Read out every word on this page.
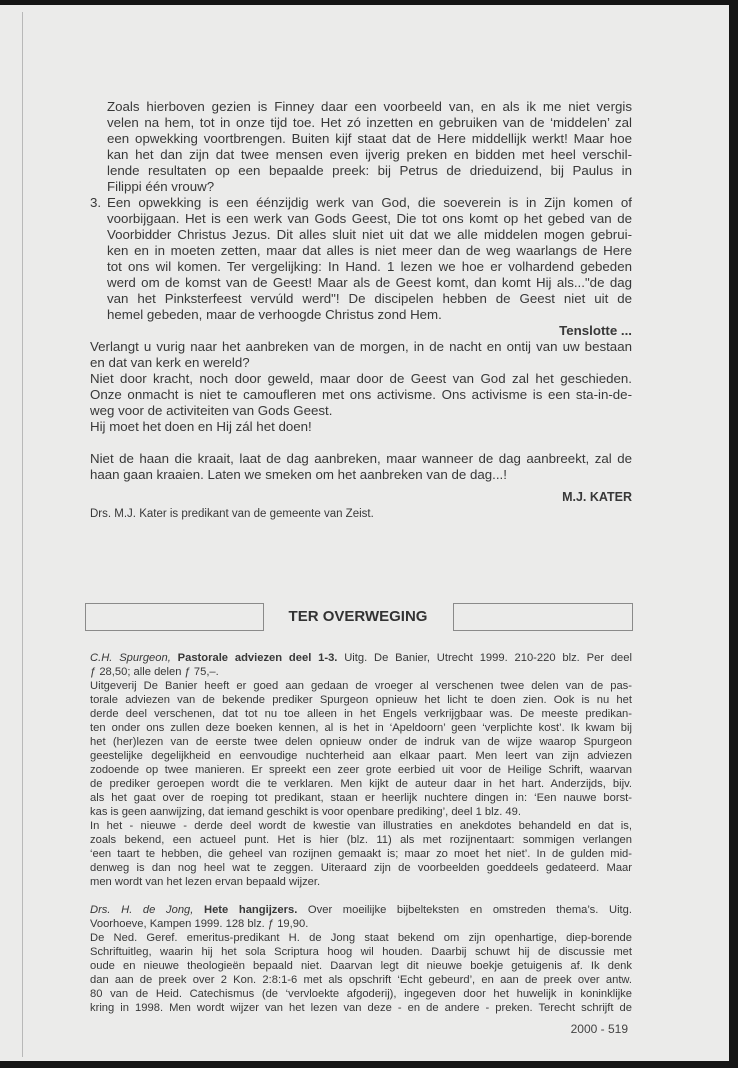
Zoals hierboven gezien is Finney daar een voorbeeld van, en als ik me niet vergis
velen na hem, tot in onze tijd toe. Het zó inzetten en gebruiken van de ‘middelen’ zal
een opwekking voortbrengen. Buiten kijf staat dat de Here middellijk werkt! Maar hoe
kan het dan zijn dat twee mensen even ijverig preken en bidden met heel verschil-
lende resultaten op een bepaalde preek: bij Petrus de drieduizend, bij Paulus in
Filippi één vrouw?
3. Een opwekking is een éénzijdig werk van God, die soeverein is in Zijn komen of
voorbijgaan. Het is een werk van Gods Geest, Die tot ons komt op het gebed van de
Voorbidder Christus Jezus. Dit alles sluit niet uit dat we alle middelen mogen gebrui-
ken en in moeten zetten, maar dat alles is niet meer dan de weg waarlangs de Here
tot ons wil komen. Ter vergelijking: In Hand. 1 lezen we hoe er volhardend gebeden
werd om de komst van de Geest! Maar als de Geest komt, dan komt Hij als..."de dag
van het Pinksterfeest vervúld werd"! De discipelen hebben de Geest niet uit de
hemel gebeden, maar de verhoogde Christus zond Hem.
Tenslotte ...
Verlangt u vurig naar het aanbreken van de morgen, in de nacht en ontij van uw bestaan
en dat van kerk en wereld?
Niet door kracht, noch door geweld, maar door de Geest van God zal het geschieden.
Onze onmacht is niet te camoufleren met ons activisme. Ons activisme is een sta-in-de-
weg voor de activiteiten van Gods Geest.
Hij moet het doen en Hij zál het doen!
Niet de haan die kraait, laat de dag aanbreken, maar wanneer de dag aanbreekt, zal de
haan gaan kraaien. Laten we smeken om het aanbreken van de dag...!
M.J. KATER
Drs. M.J. Kater is predikant van de gemeente van Zeist.
TER OVERWEGING
C.H. Spurgeon, Pastorale adviezen deel 1-3. Uitg. De Banier, Utrecht 1999. 210-220 blz. Per deel
ƒ 28,50; alle delen ƒ 75,–.
Uitgeverij De Banier heeft er goed aan gedaan de vroeger al verschenen twee delen van de pas-
torale adviezen van de bekende prediker Spurgeon opnieuw het licht te doen zien. Ook is nu het
derde deel verschenen, dat tot nu toe alleen in het Engels verkrijgbaar was. De meeste predikan-
ten onder ons zullen deze boeken kennen, al is het in ‘Apeldoorn’ geen ‘verplichte kost’. Ik kwam bij
het (her)lezen van de eerste twee delen opnieuw onder de indruk van de wijze waarop Spurgeon
geestelijke degelijkheid en eenvoudige nuchterheid aan elkaar paart. Men leert van zijn adviezen
zodoende op twee manieren. Er spreekt een zeer grote eerbied uit voor de Heilige Schrift, waarvan
de prediker geroepen wordt die te verklaren. Men kijkt de auteur daar in het hart. Anderzijds, bijv.
als het gaat over de roeping tot predikant, staan er heerlijk nuchtere dingen in: ‘Een nauwe borst-
kas is geen aanwijzing, dat iemand geschikt is voor openbare prediking’, deel 1 blz. 49.
In het - nieuwe - derde deel wordt de kwestie van illustraties en anekdotes behandeld en dat is,
zoals bekend, een actueel punt. Het is hier (blz. 11) als met rozijnentaart: sommigen verlangen
‘een taart te hebben, die geheel van rozijnen gemaakt is; maar zo moet het niet’. In de gulden mid-
denweg is dan nog heel wat te zeggen. Uiteraard zijn de voorbeelden goeddeels gedateerd. Maar
men wordt van het lezen ervan bepaald wijzer.
Drs. H. de Jong, Hete hangijzers. Over moeilijke bijbelteksten en omstreden thema’s. Uitg.
Voorhoeve, Kampen 1999. 128 blz. ƒ 19,90.
De Ned. Geref. emeritus-predikant H. de Jong staat bekend om zijn openhartige, diep-borende
Schriftuitleg, waarin hij het sola Scriptura hoog wil houden. Daarbij schuwt hij de discussie met
oude en nieuwe theologieën bepaald niet. Daarvan legt dit nieuwe boekje getuigenis af. Ik denk
dan aan de preek over 2 Kon. 2:8:1-6 met als opschrift ‘Echt gebeurd’, en aan de preek over antw.
80 van de Heid. Catechismus (de ‘vervloekte afgoderij), ingegeven door het huwelijk in koninklijke
kring in 1998. Men wordt wijzer van het lezen van deze - en de andere - preken. Terecht schrijft de
2000 - 519
